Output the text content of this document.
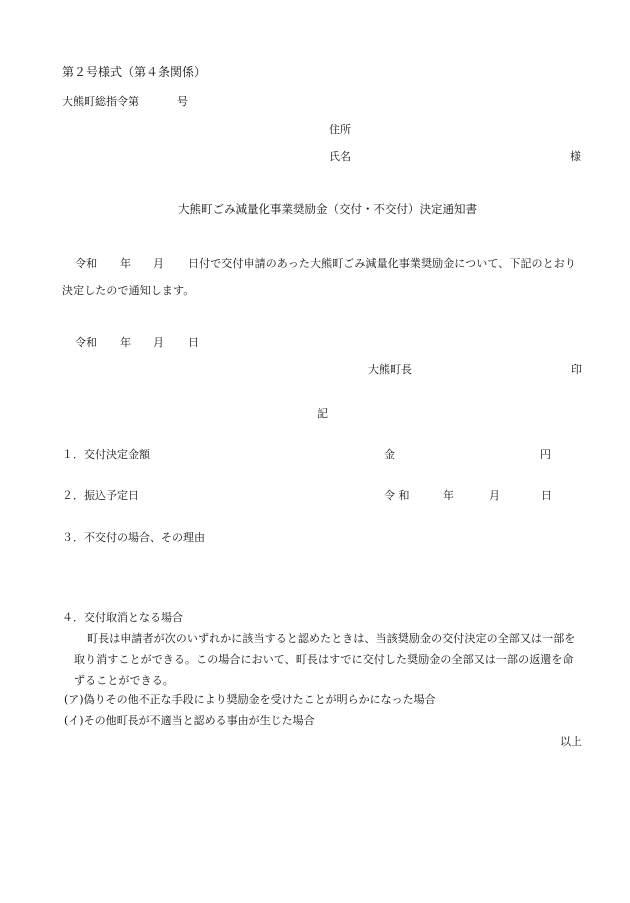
第２号様式（第４条関係）
大熊町総指令第	号
住所
氏名	様
大熊町ごみ減量化事業奨励金（交付・不交付）決定通知書
令和 年 月 日付で交付申請のあった大熊町ごみ減量化事業奨励金について、下記のとおり
決定したので通知します。
令和 年 月 日
大熊町長	印
記
１．交付決定金額	金	円
２．振込予定日	令 和	年	月	日
３．不交付の場合、その理由
４．交付取消となる場合
町長は申請者が次のいずれかに該当すると認めたときは、当該奨励金の交付決定の全部又は一部を
取り消すことができる。この場合において、町長はすでに交付した奨励金の全部又は一部の返還を命
ずることができる。
(ア)偽りその他不正な手段により奨励金を受けたことが明らかになった場合
(イ)その他町長が不適当と認める事由が生じた場合
以上
